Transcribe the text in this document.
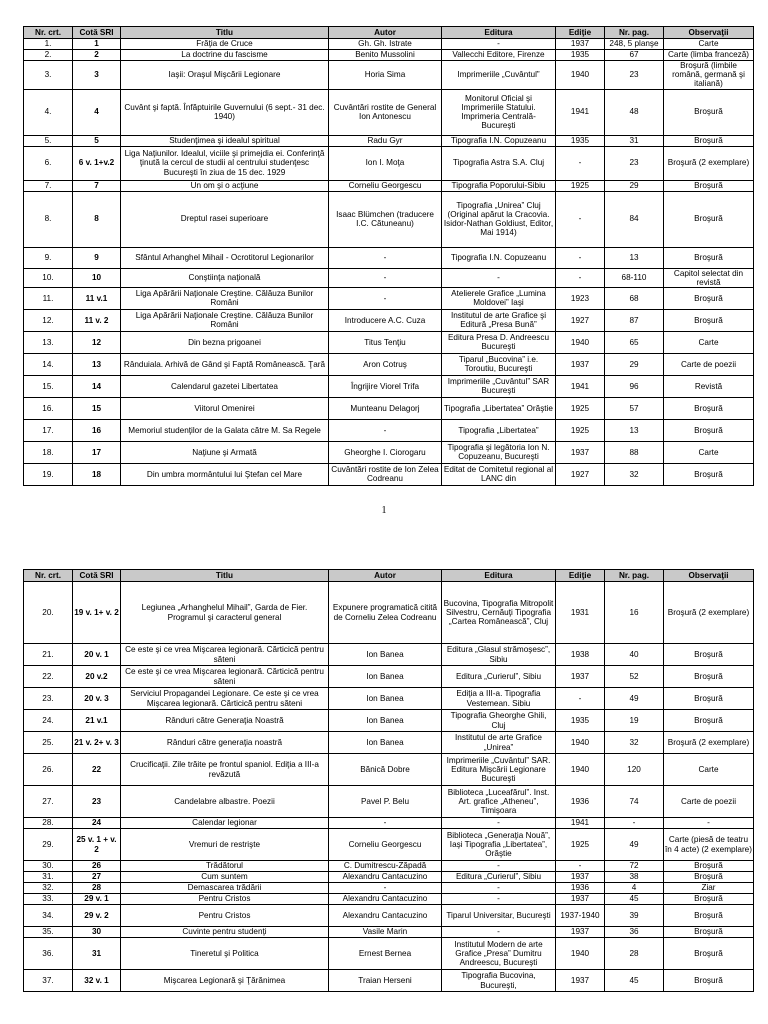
Nr. crt.	Cotă SRI	Titlu	Autor	Editura	Ediţie	Nr. pag.	Observaţii
1.	1	Frăţia de Cruce	Gh. Gh. Istrate	-	1937	248, 5 planşe	Carte
2.	2	La doctrine du fascisme	Benito Mussolini	Vallecchi Editore, Firenze	1935	67	Carte (limba franceză)
3.	3	Iaşii: Oraşul Mişcării Legionare	Horia Sima	Imprimeriile „Cuvântul”	1940	23	Broşură (limbile română, germană şi italiană)
4.	4	Cuvânt şi faptă. Înfăptuirile Guvernului (6 sept.- 31 dec. 1940)	Cuvântări rostite de General Ion Antonescu	Monitorul Oficial şi Imprimeriile Statului. Imprimeria Centrală- Bucureşti	1941	48	Broşură
5.	5	Studenţimea şi idealul spiritual	Radu Gyr	Tipografia I.N. Copuzeanu	1935	31	Broşură
6.	6 v. 1+v.2	Liga Naţiunilor. Idealul, viciile şi primejdia ei. Conferinţă ţinută la cercul de studii al centrului studenţesc Bucureşti în ziua de 15 dec. 1929	Ion I. Moţa	Tipografia Astra S.A. Cluj	-	23	Broşură (2 exemplare)
7.	7	Un om şi o acţiune	Corneliu Georgescu	Tipografia Poporului-Sibiu	1925	29	Broşură
8.	8	Dreptul rasei superioare	Isaac Blümchen (traducere I.C. Cătuneanu)	Tipografia „Unirea” Cluj (Original apărut la Cracovia. Isidor-Nathan Goldiust, Editor, Mai 1914)	-	84	Broşură
9.	9	Sfântul Arhanghel Mihail - Ocrotitorul Legionarilor	-	Tipografia I.N. Copuzeanu	-	13	Broşură
10.	10	Conştiinţa naţională	-	-	-	68-110	Capitol selectat din revistă
11.	11 v.1	Liga Apărării Naţionale Creştine. Călăuza Bunilor Români	-	Atelierele Grafice „Lumina Moldovei” Iaşi	1923	68	Broşură
12.	11 v. 2	Liga Apărării Naţionale Creştine. Călăuza Bunilor Români	Introducere A.C. Cuza	Institutul de arte Grafice şi Editură „Presa Bună”	1927	87	Broşură
13.	12	Din bezna prigoanei	Titus Tenţiu	Editura Presa D. Andreescu Bucureşti	1940	65	Carte
14.	13	Rânduiala. Arhivă de Gând şi Faptă Românească. Ţară	Aron Cotruş	Tiparul „Bucovina” i.e. Toroutiu, Bucureşti	1937	29	Carte de poezii
15.	14	Calendarul gazetei Libertatea	Îngrijire Viorel Trifa	Imprimeriile „Cuvântul” SAR Bucureşti	1941	96	Revistă
16.	15	Viitorul Omenirei	Munteanu Delagorj	Tipografia „Libertatea” Orăştie	1925	57	Broşură
17.	16	Memoriul studenţilor de la Galata către M. Sa Regele	-	Tipografia „Libertatea”	1925	13	Broşură
18.	17	Naţiune şi Armată	Gheorghe I. Ciorogaru	Tipografia şi legătoria Ion N. Copuzeanu, Bucureşti	1937	88	Carte
19.	18	Din umbra mormântului lui Ştefan cel Mare	Cuvântări rostite de Ion Zelea Codreanu	Editat de Comitetul regional al LANC din	1927	32	Broşură
1
Nr. crt.	Cotă SRI	Titlu	Autor	Editura	Ediţie	Nr. pag.	Observaţii
20.	19 v. 1+ v. 2	Legiunea „Arhanghelul Mihail”, Garda de Fier. Programul şi caracterul general	Expunere programatică citită de Corneliu Zelea Codreanu	Bucovina, Tipografia Mitropolit Silvestru, Cernăuţi Tipografia „Cartea Românească”, Cluj	1931	16	Broşură (2 exemplare)
21.	20 v. 1	Ce este şi ce vrea Mişcarea legionară. Cărticică pentru săteni	Ion Banea	Editura „Glasul strămoşesc”, Sibiu	1938	40	Broşură
22.	20 v.2	Ce este şi ce vrea Mişcarea legionară. Cărticică pentru săteni	Ion Banea	Editura „Curierul”, Sibiu	1937	52	Broşură
23.	20 v. 3	Serviciul Propagandei Legionare. Ce este şi ce vrea Mişcarea legionară. Cărticică pentru săteni	Ion Banea	Ediţia a III-a. Tipografia Vestemean. Sibiu	-	49	Broşură
24.	21 v.1	Rânduri către Generaţia Noastră	Ion Banea	Tipografia Gheorghe Ghili, Cluj	1935	19	Broşură
25.	21 v. 2+ v. 3	Rânduri către generaţia noastră	Ion Banea	Institutul de arte Grafice „Unirea”	1940	32	Broşură (2 exemplare)
26.	22	Crucificaţii. Zile trăite pe frontul spaniol. Ediţia a III-a revăzută	Bănică Dobre	Imprimeriile „Cuvântul” SAR. Editura Mişcării Legionare Bucureşti	1940	120	Carte
27.	23	Candelabre albastre. Poezii	Pavel P. Belu	Biblioteca „Luceafărul”. Inst. Art. grafice „Atheneu”, Timişoara	1936	74	Carte de poezii
28.	24	Calendar legionar	-	-	1941	-	-
29.	25 v. 1 + v. 2	Vremuri de restrişte	Corneliu Georgescu	Biblioteca „Generaţia Nouă”, Iaşi Tipografia „Libertatea”, Orăştie	1925	49	Carte (piesă de teatru în 4 acte) (2 exemplare)
30.	26	Trădătorul	C. Dumitrescu-Zăpadă	-	-	72	Broşură
31.	27	Cum suntem	Alexandru Cantacuzino	Editura „Curierul”, Sibiu	1937	38	Broşură
32.	28	Demascarea trădării	-	-	1936	4	Ziar
33.	29 v. 1	Pentru Cristos	Alexandru Cantacuzino	-	1937	45	Broşură
34.	29 v. 2	Pentru Cristos	Alexandru Cantacuzino	Tiparul Universitar, Bucureşti	1937-1940	39	Broşură
35.	30	Cuvinte pentru studenţi	Vasile Marin	-	1937	36	Broşură
36.	31	Tineretul şi Politica	Ernest Bernea	Institutul Modern de arte Grafice „Presa” Dumitru Andreescu, Bucureşti	1940	28	Broşură
37.	32 v. 1	Mişcarea Legionară şi Ţărănimea	Traian Herseni	Tipografia Bucovina, Bucureşti,	1937	45	Broşură
